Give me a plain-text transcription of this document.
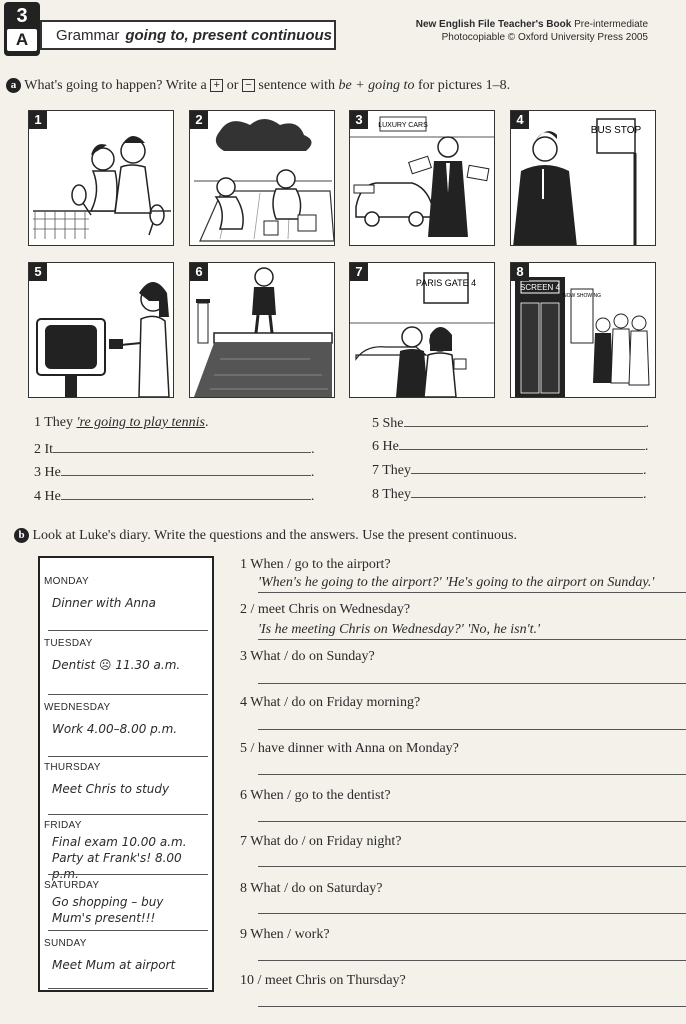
3
A	Grammar going to, present continuous
New English File Teacher's Book Pre-intermediate
Photocopiable © Oxford University Press 2005
a What's going to happen? Write a + or − sentence with be + going to for pictures 1–8.
1	2	3	LUXURY CARS	4
BUS STOP
5	6	7
PARIS GATE 4
8
SCREEN 4
NOW SHOWING
1 They 're going to play tennis.
2 It	.
3 He	.
4 He	.
5 She	.
6 He	.
7 They	.
8 They	.
b Look at Luke's diary. Write the questions and the answers. Use the present continuous.
MONDAY
Dinner with Anna
TUESDAY
Dentist ☹ 11.30 a.m.
WEDNESDAY
Work 4.00–8.00 p.m.
THURSDAY
Meet Chris to study
FRIDAY
Final exam 10.00 a.m.
Party at Frank's! 8.00 p.m.
SATURDAY
Go shopping – buy
Mum's present!!!
SUNDAY
Meet Mum at airport
1 When / go to the airport?
'When's he going to the airport?' 'He's going to the airport on Sunday.'
2 / meet Chris on Wednesday?
'Is he meeting Chris on Wednesday?' 'No, he isn't.'
3 What / do on Sunday?
4 What / do on Friday morning?
5 / have dinner with Anna on Monday?
6 When / go to the dentist?
7 What do / on Friday night?
8 What / do on Saturday?
9 When / work?
10 / meet Chris on Thursday?
